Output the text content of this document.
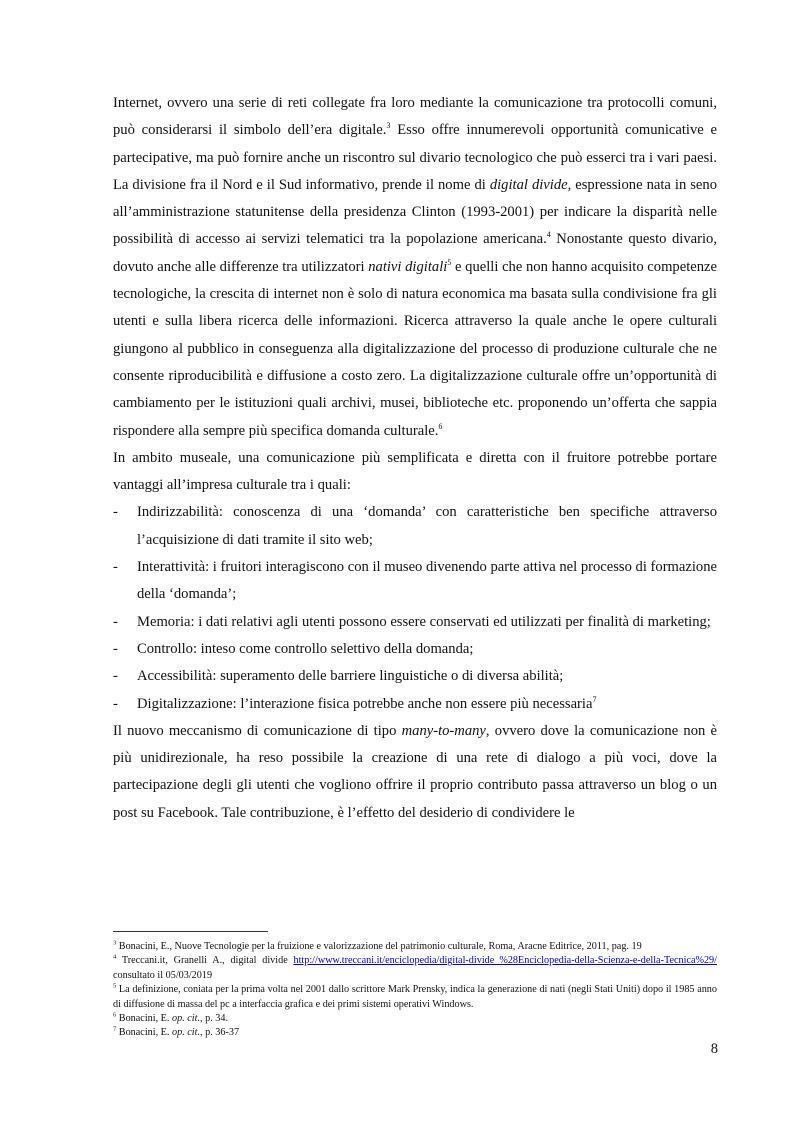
Internet, ovvero una serie di reti collegate fra loro mediante la comunicazione tra protocolli comuni, può considerarsi il simbolo dell’era digitale.$^3$ Esso offre innumerevoli opportunità comunicative e partecipative, ma può fornire anche un riscontro sul divario tecnologico che può esserci tra i vari paesi. La divisione fra il Nord e il Sud informativo, prende il nome di digital divide, espressione nata in seno all’amministrazione statunitense della presidenza Clinton (1993-2001) per indicare la disparità nelle possibilità di accesso ai servizi telematici tra la popolazione americana.$^4$ Nonostante questo divario, dovuto anche alle differenze tra utilizzatori nativi digitali$^5$ e quelli che non hanno acquisito competenze tecnologiche, la crescita di internet non è solo di natura economica ma basata sulla condivisione fra gli utenti e sulla libera ricerca delle informazioni. Ricerca attraverso la quale anche le opere culturali giungono al pubblico in conseguenza alla digitalizzazione del processo di produzione culturale che ne consente riproducibilità e diffusione a costo zero. La digitalizzazione culturale offre un’opportunità di cambiamento per le istituzioni quali archivi, musei, biblioteche etc. proponendo un’offerta che sappia rispondere alla sempre più specifica domanda culturale.$^6$

In ambito museale, una comunicazione più semplificata e diretta con il fruitore potrebbe portare vantaggi all’impresa culturale tra i quali:

- Indirizzabilità: conoscenza di una ‘domanda’ con caratteristiche ben specifiche attraverso l’acquisizione di dati tramite il sito web;
- Interattività: i fruitori interagiscono con il museo divenendo parte attiva nel processo di formazione della ‘domanda’;
- Memoria: i dati relativi agli utenti possono essere conservati ed utilizzati per finalità di marketing;
- Controllo: inteso come controllo selettivo della domanda;
- Accessibilità: superamento delle barriere linguistiche o di diversa abilità;
- Digitalizzazione: l’interazione fisica potrebbe anche non essere più necessaria$^7$

Il nuovo meccanismo di comunicazione di tipo many-to-many, ovvero dove la comunicazione non è più unidirezionale, ha reso possibile la creazione di una rete di dialogo a più voci, dove la partecipazione degli gli utenti che vogliono offrire il proprio contributo passa attraverso un blog o un post su Facebook. Tale contribuzione, è l’effetto del desiderio di condividere le

$^3$ Bonacini, E., Nuove Tecnologie per la fruizione e valorizzazione del patrimonio culturale, Roma, Aracne Editrice, 2011, pag. 19

$^4$ Treccani.it, Granelli A., digital divide http://www.treccani.it/enciclopedia/digital-divide_%28Enciclopedia-della-Scienza-e-della-Tecnica%29/ consultato il 05/03/2019

$^5$ La definizione, coniata per la prima volta nel 2001 dallo scrittore Mark Prensky, indica la generazione di nati (negli Stati Uniti) dopo il 1985 anno di diffusione di massa del pc a interfaccia grafica e dei primi sistemi operativi Windows.

$^6$ Bonacini, E. op. cit., p. 34.

$^7$ Bonacini, E. op. cit., p. 36-37

8
